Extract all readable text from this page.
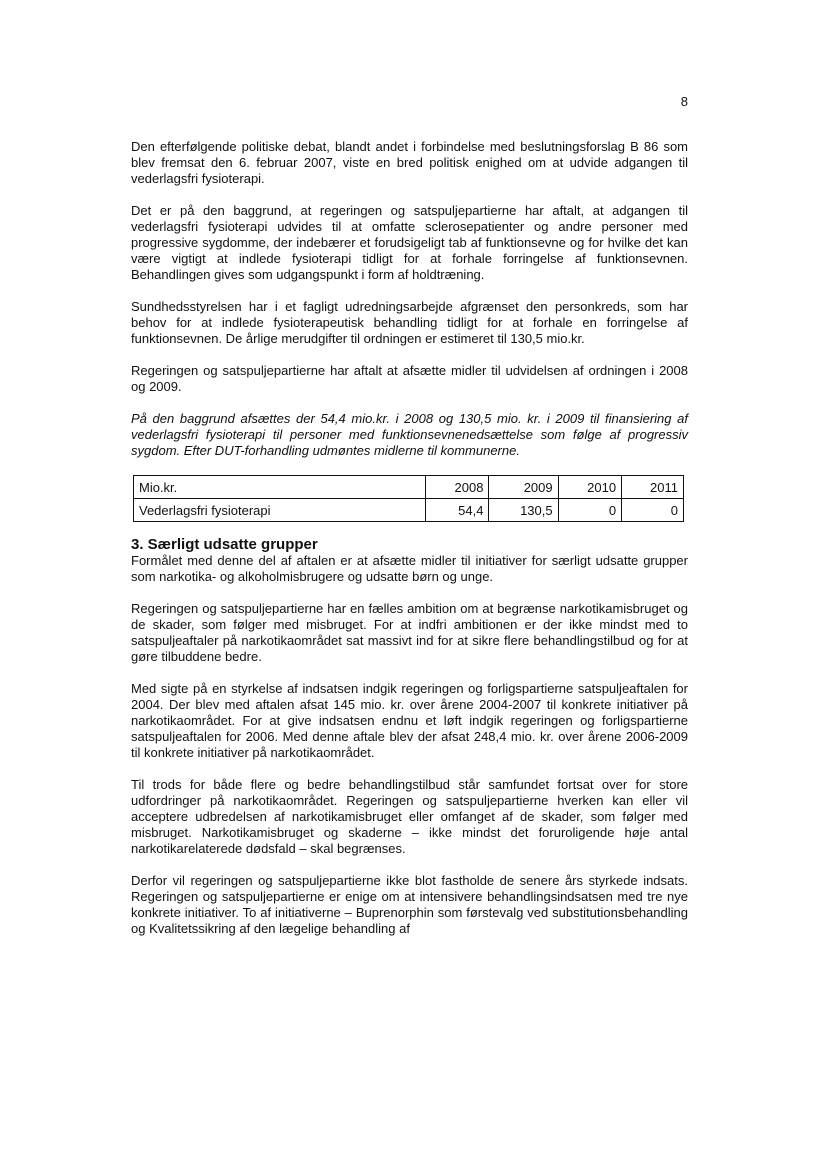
8

Den efterfølgende politiske debat, blandt andet i forbindelse med beslutningsforslag B 86 som blev fremsat den 6. februar 2007, viste en bred politisk enighed om at udvide adgangen til vederlagsfri fysioterapi.

Det er på den baggrund, at regeringen og satspuljepartierne har aftalt, at adgangen til vederlagsfri fysioterapi udvides til at omfatte sclerosepatienter og andre personer med progressive sygdomme, der indebærer et forudsigeligt tab af funktionsevne og for hvilke det kan være vigtigt at indlede fysioterapi tidligt for at forhale forringelse af funktionsevnen. Behandlingen gives som udgangspunkt i form af holdtræning.

Sundhedsstyrelsen har i et fagligt udredningsarbejde afgrænset den personkreds, som har behov for at indlede fysioterapeutisk behandling tidligt for at forhale en forringelse af funktionsevnen. De årlige merudgifter til ordningen er estimeret til 130,5 mio.kr.

Regeringen og satspuljepartierne har aftalt at afsætte midler til udvidelsen af ordningen i 2008 og 2009.

På den baggrund afsættes der 54,4 mio.kr. i 2008 og 130,5 mio. kr. i 2009 til finansiering af vederlagsfri fysioterapi til personer med funktionsevnenedsættelse som følge af progressiv sygdom. Efter DUT-forhandling udmøntes midlerne til kommunerne.

Mio.kr.	2008	2009	2010	2011
Vederlagsfri fysioterapi	54,4	130,5	0	0
3. Særligt udsatte grupper

Formålet med denne del af aftalen er at afsætte midler til initiativer for særligt udsatte grupper som narkotika- og alkoholmisbrugere og udsatte børn og unge.

Regeringen og satspuljepartierne har en fælles ambition om at begrænse narkotikamisbruget og de skader, som følger med misbruget. For at indfri ambitionen er der ikke mindst med to satspuljeaftaler på narkotikaområdet sat massivt ind for at sikre flere behandlingstilbud og for at gøre tilbuddene bedre.

Med sigte på en styrkelse af indsatsen indgik regeringen og forligspartierne satspuljeaftalen for 2004. Der blev med aftalen afsat 145 mio. kr. over årene 2004-2007 til konkrete initiativer på narkotikaområdet. For at give indsatsen endnu et løft indgik regeringen og forligspartierne satspuljeaftalen for 2006. Med denne aftale blev der afsat 248,4 mio. kr. over årene 2006-2009 til konkrete initiativer på narkotikaområdet.

Til trods for både flere og bedre behandlingstilbud står samfundet fortsat over for store udfordringer på narkotikaområdet. Regeringen og satspuljepartierne hverken kan eller vil acceptere udbredelsen af narkotikamisbruget eller omfanget af de skader, som følger med misbruget. Narkotikamisbruget og skaderne – ikke mindst det foruroligende høje antal narkotikarelaterede dødsfald – skal begrænses.

Derfor vil regeringen og satspuljepartierne ikke blot fastholde de senere års styrkede indsats. Regeringen og satspuljepartierne er enige om at intensivere behandlingsindsatsen med tre nye konkrete initiativer. To af initiativerne – Buprenorphin som førstevalg ved substitutionsbehandling og Kvalitetssikring af den lægelige behandling af
